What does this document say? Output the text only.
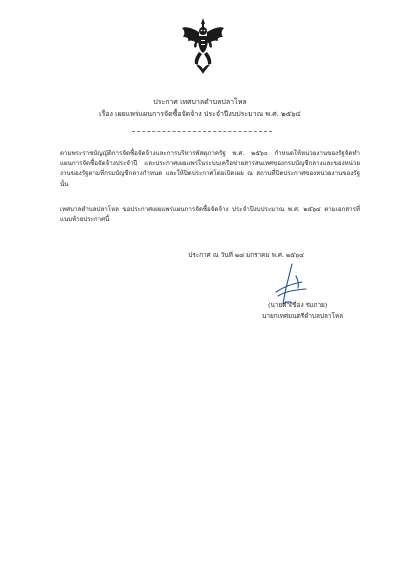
ประกาศ เทศบาลตำบลปลาโหล
เรื่อง เผยแพร่แผนการจัดซื้อจัดจ้าง ประจำปีงบประมาณ พ.ศ. ๒๕๖๔
ตามพระราชบัญญัติการจัดซื้อจัดจ้างและการบริหารพัสดุภาครัฐ พ.ศ. ๒๕๖๐ กำหนดให้หน่วยงานของรัฐจัดทำแผนการจัดซื้อจัดจ้างประจำปี และประกาศเผยแพร่ในระบบเครือข่ายสารสนเทศของกรมบัญชีกลางและของหน่วยงานของรัฐตามที่กรมบัญชีกลางกำหนด และให้ปิดประกาศโดยเปิดเผย ณ สถานที่ปิดประกาศของหน่วยงานของรัฐ นั้น
เทศบาลตำบลปลาโหล ขอประกาศเผยแพร่แผนการจัดซื้อจัดจ้าง ประจำปีงบประมาณ พ.ศ. ๒๕๖๔ ตามเอกสารที่แนบท้ายประกาศนี้
ประกาศ ณ วันที่ ๒๘ มกราคม พ.ศ. ๒๕๖๔
(นายคำเขื่อง ร่มภาย)
นายกเทศมนตรีตำบลปลาโหล
